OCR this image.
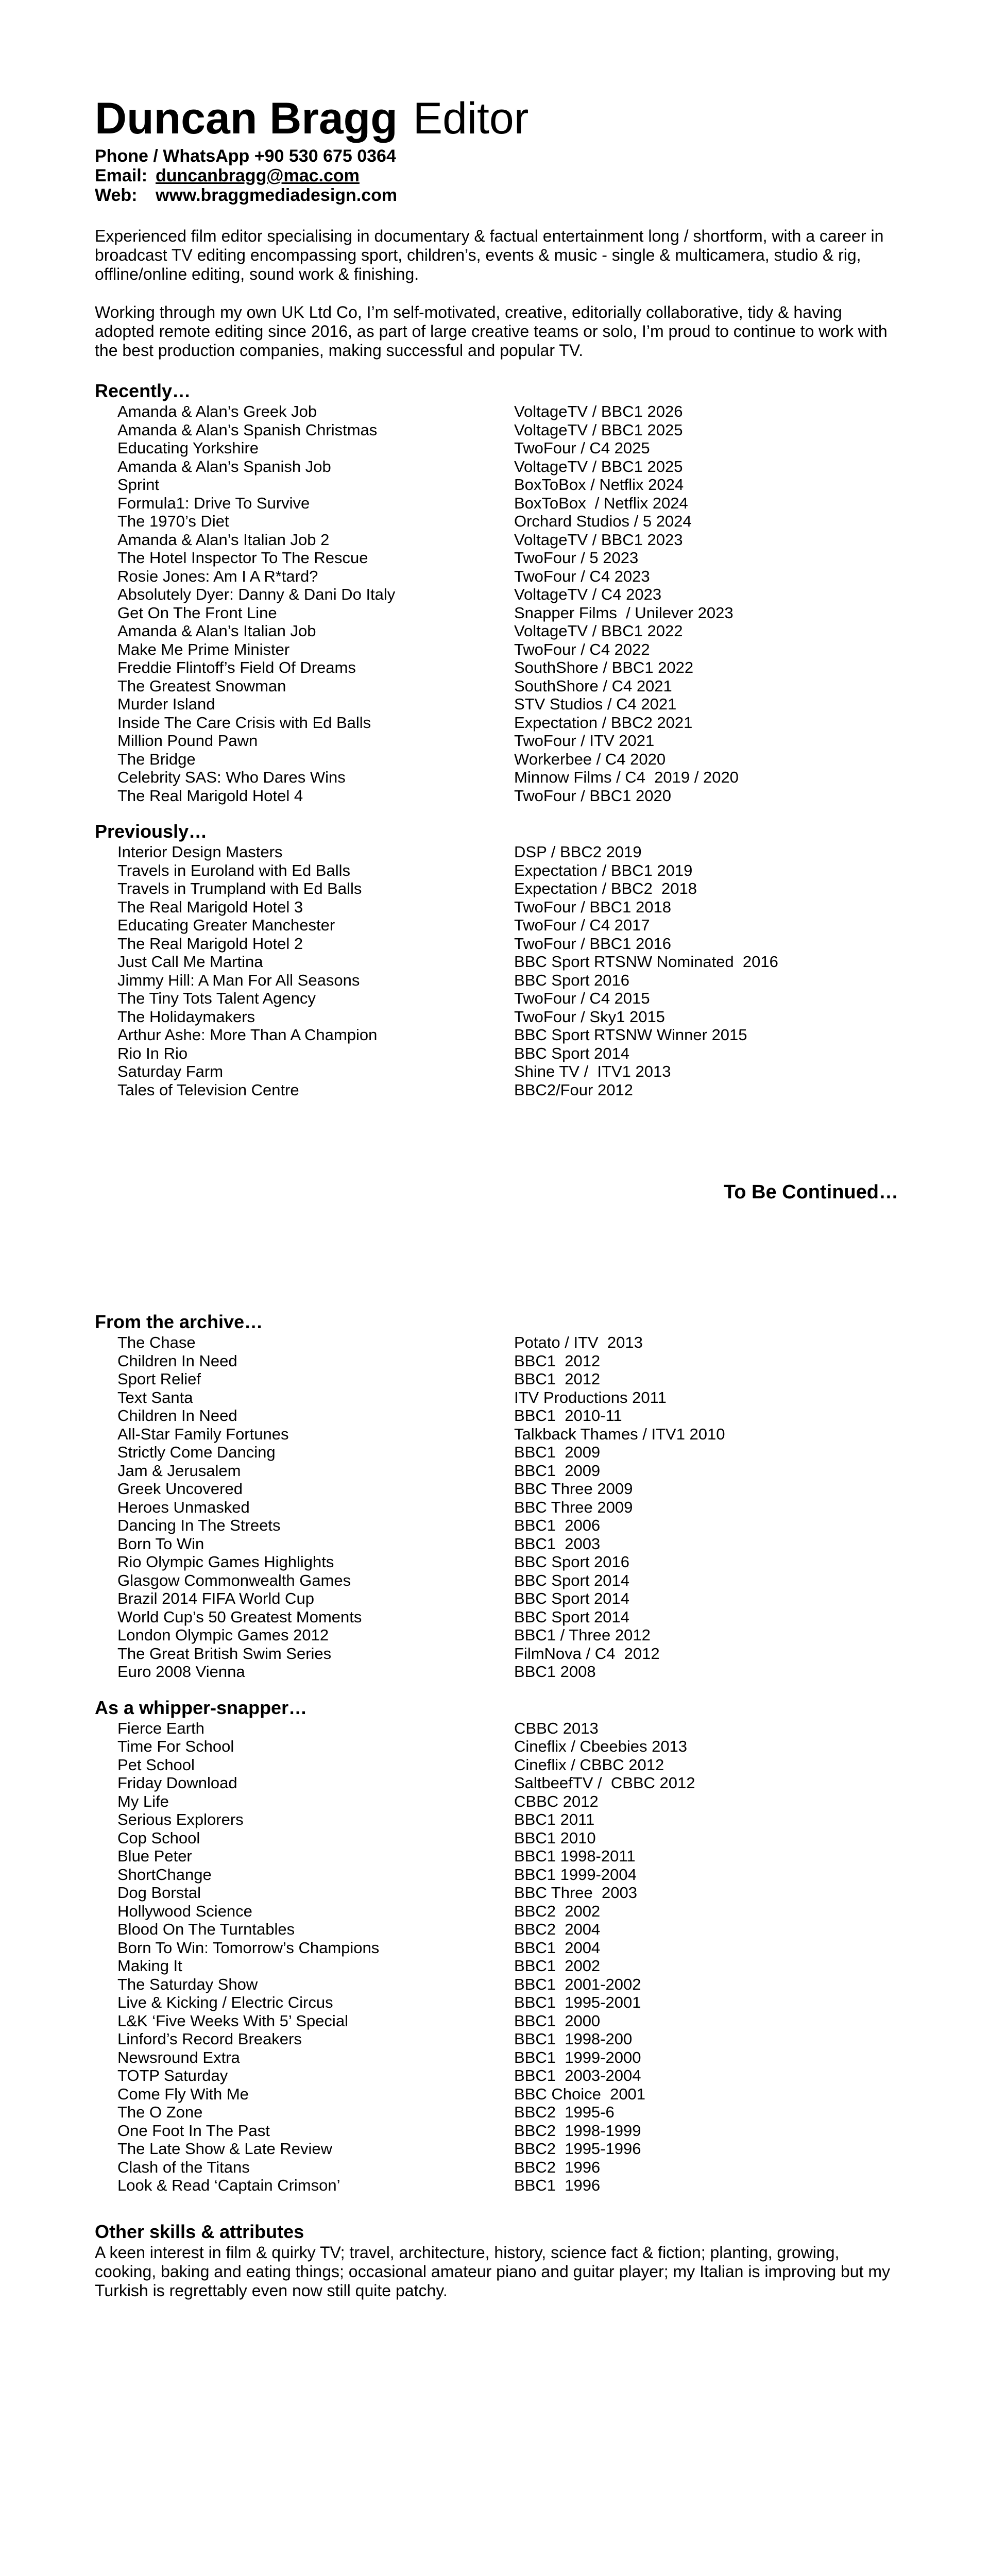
Duncan Bragg Editor
Phone / WhatsApp +90 530 675 0364
Email: duncanbragg@mac.com
Web: www.braggmediadesign.com

Experienced film editor specialising in documentary & factual entertainment long / shortform, with a career in broadcast TV editing encompassing sport, children’s, events & music - single & multicamera, studio & rig, offline/online editing, sound work & finishing.

Working through my own UK Ltd Co, I’m self-motivated, creative, editorially collaborative, tidy & having adopted remote editing since 2016, as part of large creative teams or solo, I’m proud to continue to work with the best production companies, making successful and popular TV.

Recently…
Amanda & Alan’s Greek Job	VoltageTV / BBC1 2026
Amanda & Alan’s Spanish Christmas	VoltageTV / BBC1 2025
Educating Yorkshire	TwoFour / C4 2025
Amanda & Alan’s Spanish Job	VoltageTV / BBC1 2025
Sprint	BoxToBox / Netflix 2024
Formula1: Drive To Survive	BoxToBox  / Netflix 2024
The 1970’s Diet	Orchard Studios / 5 2024
Amanda & Alan’s Italian Job 2	VoltageTV / BBC1 2023
The Hotel Inspector To The Rescue	TwoFour / 5 2023
Rosie Jones: Am I A R*tard?	TwoFour / C4 2023
Absolutely Dyer: Danny & Dani Do Italy	VoltageTV / C4 2023
Get On The Front Line	Snapper Films  / Unilever 2023
Amanda & Alan’s Italian Job	VoltageTV / BBC1 2022
Make Me Prime Minister	TwoFour / C4 2022
Freddie Flintoff’s Field Of Dreams	SouthShore / BBC1 2022
The Greatest Snowman	SouthShore / C4 2021
Murder Island	STV Studios / C4 2021
Inside The Care Crisis with Ed Balls	Expectation / BBC2 2021
Million Pound Pawn	TwoFour / ITV 2021
The Bridge	Workerbee / C4 2020
Celebrity SAS: Who Dares Wins	Minnow Films / C4  2019 / 2020
The Real Marigold Hotel 4	TwoFour / BBC1 2020
Previously…
Interior Design Masters	DSP / BBC2 2019
Travels in Euroland with Ed Balls	Expectation / BBC1 2019
Travels in Trumpland with Ed Balls	Expectation / BBC2  2018
The Real Marigold Hotel 3	TwoFour / BBC1 2018
Educating Greater Manchester	TwoFour / C4 2017
The Real Marigold Hotel 2	TwoFour / BBC1 2016
Just Call Me Martina	BBC Sport RTSNW Nominated  2016
Jimmy Hill: A Man For All Seasons	BBC Sport 2016
The Tiny Tots Talent Agency	TwoFour / C4 2015
The Holidaymakers	TwoFour / Sky1 2015
Arthur Ashe: More Than A Champion	BBC Sport RTSNW Winner 2015
Rio In Rio	BBC Sport 2014
Saturday Farm	Shine TV /  ITV1 2013
Tales of Television Centre	BBC2/Four 2012

To Be Continued…

From the archive…
The Chase	Potato / ITV  2013
Children In Need	BBC1  2012
Sport Relief	BBC1  2012
Text Santa	ITV Productions 2011
Children In Need	BBC1  2010-11
All-Star Family Fortunes	Talkback Thames / ITV1 2010
Strictly Come Dancing	BBC1  2009
Jam & Jerusalem	BBC1  2009
Greek Uncovered	BBC Three 2009
Heroes Unmasked	BBC Three 2009
Dancing In The Streets	BBC1  2006
Born To Win	BBC1  2003
Rio Olympic Games Highlights	BBC Sport 2016
Glasgow Commonwealth Games	BBC Sport 2014
Brazil 2014 FIFA World Cup	BBC Sport 2014
World Cup’s 50 Greatest Moments	BBC Sport 2014
London Olympic Games 2012	BBC1 / Three 2012
The Great British Swim Series	FilmNova / C4  2012
Euro 2008 Vienna	BBC1 2008
As a whipper-snapper…
Fierce Earth	CBBC 2013
Time For School	Cineflix / Cbeebies 2013
Pet School	Cineflix / CBBC 2012
Friday Download	SaltbeefTV /  CBBC 2012
My Life	CBBC 2012
Serious Explorers	BBC1 2011
Cop School	BBC1 2010
Blue Peter	BBC1 1998-2011
ShortChange	BBC1 1999-2004
Dog Borstal	BBC Three  2003
Hollywood Science	BBC2  2002
Blood On The Turntables	BBC2  2004
Born To Win: Tomorrow’s Champions	BBC1  2004
Making It	BBC1  2002
The Saturday Show	BBC1  2001-2002
Live & Kicking / Electric Circus	BBC1  1995-2001
L&K ‘Five Weeks With 5’ Special	BBC1  2000
Linford’s Record Breakers	BBC1  1998-200
Newsround Extra	BBC1  1999-2000
TOTP Saturday	BBC1  2003-2004
Come Fly With Me	BBC Choice  2001
The O Zone	BBC2  1995-6
One Foot In The Past	BBC2  1998-1999
The Late Show & Late Review	BBC2  1995-1996
Clash of the Titans	BBC2  1996
Look & Read ‘Captain Crimson’	BBC1  1996
Other skills & attributes

A keen interest in film & quirky TV; travel, architecture, history, science fact & fiction; planting, growing, cooking, baking and eating things; occasional amateur piano and guitar player; my Italian is improving but my Turkish is regrettably even now still quite patchy.
